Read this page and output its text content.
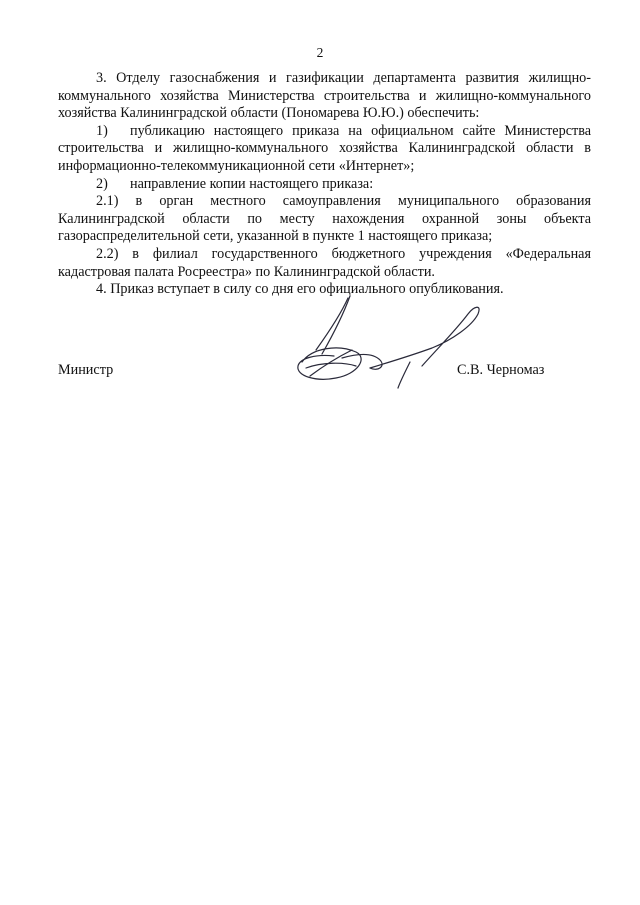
2

3. Отделу газоснабжения и газификации департамента развития жилищно-коммунального хозяйства Министерства строительства и жилищно-коммунального хозяйства Калининградской области (Пономарева Ю.Ю.) обеспечить:

1) публикацию настоящего приказа на официальном сайте Министерства строительства и жилищно-коммунального хозяйства Калининградской области в информационно-телекоммуникационной сети «Интернет»;

2) направление копии настоящего приказа:

2.1) в орган местного самоуправления муниципального образования Калининградской области по месту нахождения охранной зоны объекта газораспределительной сети, указанной в пункте 1 настоящего приказа;

2.2) в филиал государственного бюджетного учреждения «Федеральная кадастровая палата Росреестра» по Калининградской области.

4. Приказ вступает в силу со дня его официального опубликования.

Министр	С.В. Черномаз
